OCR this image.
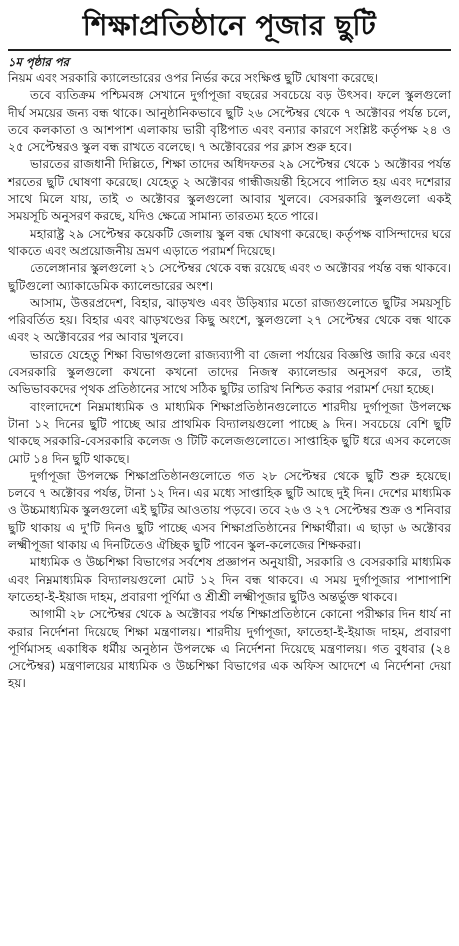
শিক্ষাপ্রতিষ্ঠানে পূজার ছুটি

১ম পৃষ্ঠার পর

নিয়ম এবং সরকারি ক্যালেন্ডারের ওপর নির্ভর করে সংক্ষিপ্ত ছুটি ঘোষণা করেছে।

তবে ব্যতিক্রম পশ্চিমবঙ্গ সেখানে দুর্গাপূজা বছরের সবচেয়ে বড় উৎসব। ফলে স্কুলগুলো দীর্ঘ সময়ের জন্য বন্ধ থাকে। আনুষ্ঠানিকভাবে ছুটি ২৬ সেপ্টেম্বর থেকে ৭ অক্টোবর পর্যন্ত চলে, তবে কলকাতা ও আশপাশ এলাকায় ভারী বৃষ্টিপাত এবং বন্যার কারণে সংশ্লিষ্ট কর্তৃপক্ষ ২৪ ও ২৫ সেপ্টেম্বরও স্কুল বন্ধ রাখতে বলেছে। ৭ অক্টোবরের পর ক্লাস শুরু হবে।

ভারতের রাজধানী দিল্লিতে, শিক্ষা তাদের অধিদফতর ২৯ সেপ্টেম্বর থেকে ১ অক্টোবর পর্যন্ত শরতের ছুটি ঘোষণা করেছে। যেহেতু ২ অক্টোবর গান্ধীজয়ন্তী হিসেবে পালিত হয় এবং দশেরার সাথে মিলে যায়, তাই ৩ অক্টোবর স্কুলগুলো আবার খুলবে। বেসরকারি স্কুলগুলো একই সময়সূচি অনুসরণ করছে, যদিও ক্ষেত্রে সামান্য তারতম্য হতে পারে।

মহারাষ্ট্র ২৯ সেপ্টেম্বর কয়েকটি জেলায় স্কুল বন্ধ ঘোষণা করেছে। কর্তৃপক্ষ বাসিন্দাদের ঘরে থাকতে এবং অপ্রয়োজনীয় ভ্রমণ এড়াতে পরামর্শ দিয়েছে।

তেলেঙ্গানার স্কুলগুলো ২১ সেপ্টেম্বর থেকে বন্ধ রয়েছে এবং ৩ অক্টোবর পর্যন্ত বন্ধ থাকবে। ছুটিগুলো অ্যাকাডেমিক ক্যালেন্ডারের অংশ।

আসাম, উত্তরপ্রদেশ, বিহার, ঝাড়খণ্ড এবং উড়িষ্যার মতো রাজ্যগুলোতে ছুটির সময়সূচি পরিবর্তিত হয়। বিহার এবং ঝাড়খণ্ডের কিছু অংশে, স্কুলগুলো ২৭ সেপ্টেম্বর থেকে বন্ধ থাকে এবং ২ অক্টোবরের পর আবার খুলবে।

ভারতে যেহেতু শিক্ষা বিভাগগুলো রাজ্যব্যাপী বা জেলা পর্যায়ের বিজ্ঞপ্তি জারি করে এবং বেসরকারি স্কুলগুলো কখনো কখনো তাদের নিজস্ব ক্যালেন্ডার অনুসরণ করে, তাই অভিভাবকদের পৃথক প্রতিষ্ঠানের সাথে সঠিক ছুটির তারিখ নিশ্চিত করার পরামর্শ দেয়া হচ্ছে।

বাংলাদেশে নিম্নমাধ্যমিক ও মাধ্যমিক শিক্ষাপ্রতিষ্ঠানগুলোতে শারদীয় দুর্গাপূজা উপলক্ষে টানা ১২ দিনের ছুটি পাচ্ছে আর প্রাথমিক বিদ্যালয়গুলো পাচ্ছে ৯ দিন। সবচেয়ে বেশি ছুটি থাকছে সরকারি-বেসরকারি কলেজ ও টিটি কলেজগুলোতে। সাপ্তাহিক ছুটি ধরে এসব কলেজে মোট ১৪ দিন ছুটি থাকছে।

দুর্গাপূজা উপলক্ষে শিক্ষাপ্রতিষ্ঠানগুলোতে গত ২৮ সেপ্টেম্বর থেকে ছুটি শুরু হয়েছে। চলবে ৭ অক্টোবর পর্যন্ত, টানা ১২ দিন। এর মধ্যে সাপ্তাহিক ছুটি আছে দুই দিন। দেশের মাধ্যমিক ও উচ্চমাধ্যমিক স্কুলগুলো এই ছুটির আওতায় পড়বে। তবে ২৬ ও ২৭ সেপ্টেম্বর শুক্র ও শনিবার ছুটি থাকায় এ দু'টি দিনও ছুটি পাচ্ছে এসব শিক্ষাপ্রতিষ্ঠানের শিক্ষার্থীরা। এ ছাড়া ৬ অক্টোবর লক্ষ্মীপূজা থাকায় এ দিনটিতেও ঐচ্ছিক ছুটি পাবেন স্কুল-কলেজের শিক্ষকরা।

মাধ্যমিক ও উচ্চশিক্ষা বিভাগের সর্বশেষ প্রজ্ঞাপন অনুযায়ী, সরকারি ও বেসরকারি মাধ্যমিক এবং নিম্নমাধ্যমিক বিদ্যালয়গুলো মোট ১২ দিন বন্ধ থাকবে। এ সময় দুর্গাপূজার পাশাপাশি ফাতেহা-ই-ইয়াজ দাহম, প্রবারণা পূর্ণিমা ও শ্রীশ্রী লক্ষ্মীপূজার ছুটিও অন্তর্ভুক্ত থাকবে।

আগামী ২৮ সেপ্টেম্বর থেকে ৯ অক্টোবর পর্যন্ত শিক্ষাপ্রতিষ্ঠানে কোনো পরীক্ষার দিন ধার্য না করার নির্দেশনা দিয়েছে শিক্ষা মন্ত্রণালয়। শারদীয় দুর্গাপূজা, ফাতেহা-ই-ইয়াজ দাহম, প্রবারণা পূর্ণিমাসহ একাধিক ধর্মীয় অনুষ্ঠান উপলক্ষে এ নির্দেশনা দিয়েছে মন্ত্রণালয়। গত বুধবার (২৪ সেপ্টেম্বর) মন্ত্রণালয়ের মাধ্যমিক ও উচ্চশিক্ষা বিভাগের এক অফিস আদেশে এ নির্দেশনা দেয়া হয়।
